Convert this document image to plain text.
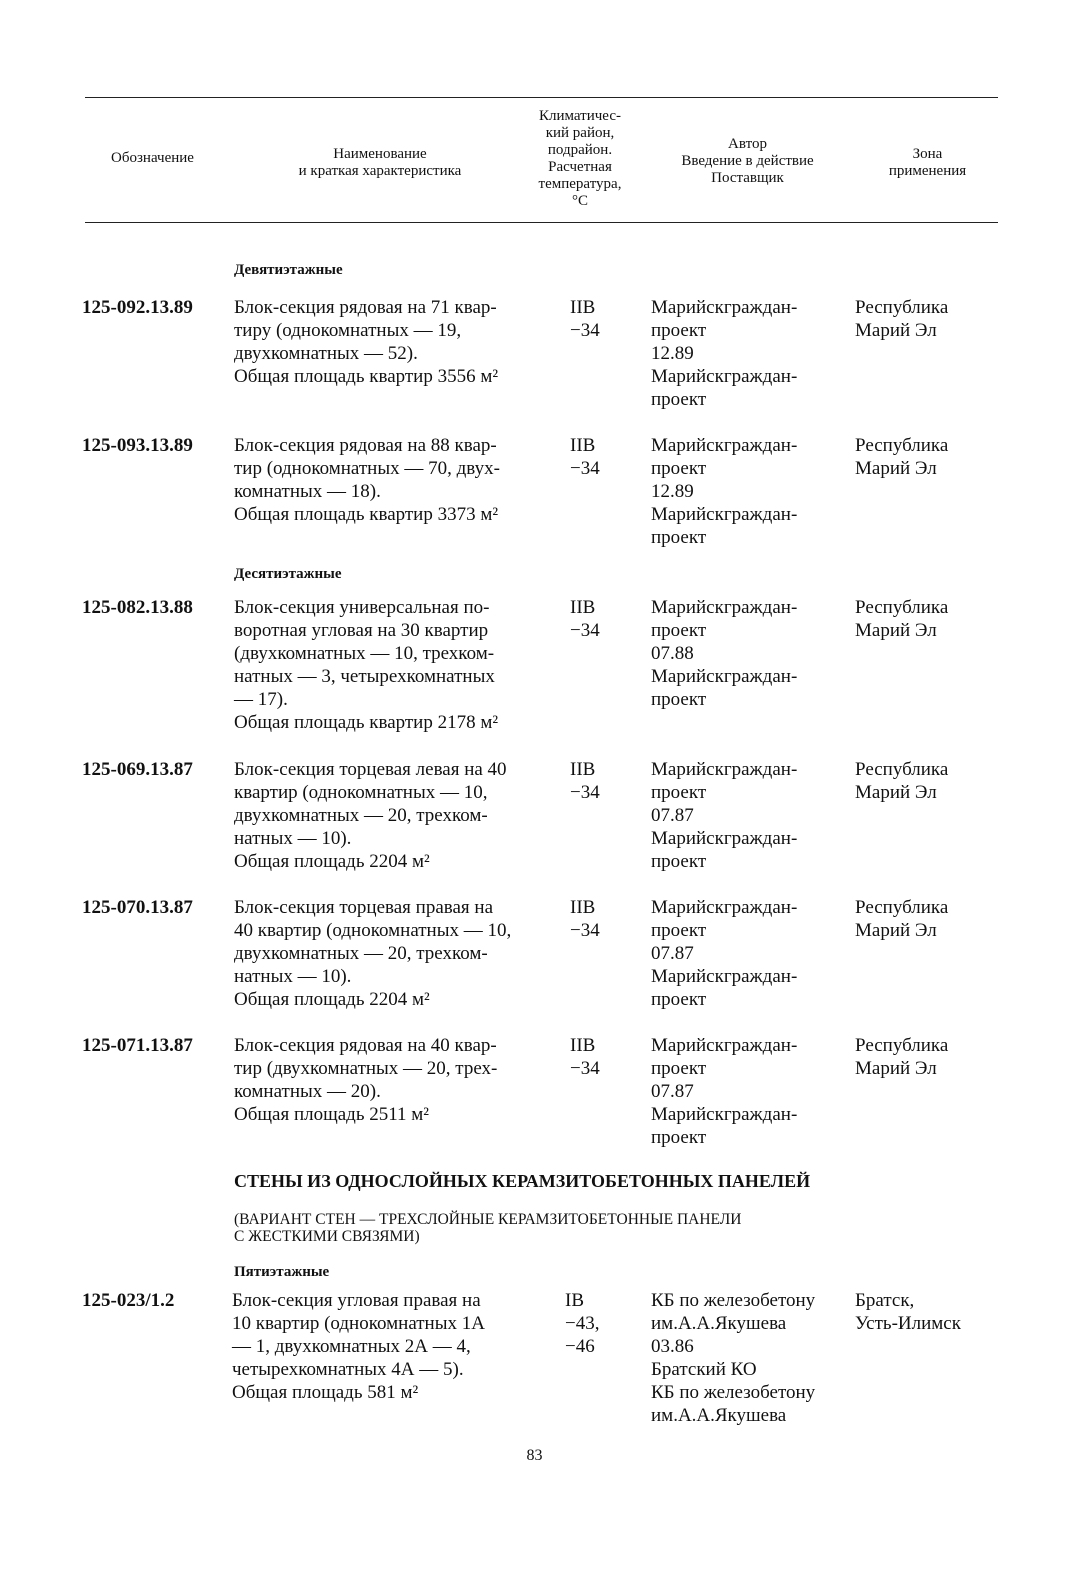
Обозначение	Наименование
и краткая характеристика
Климатичес-
кий район,
подрайон.
Расчетная
температура,
°С
Автор
Введение в действие
Поставщик
Зона
применения
Девятиэтажные
125-092.13.89 Блок-секция рядовая на 71 квар-
тиру (однокомнатных — 19,
двухкомнатных — 52).
Общая площадь квартир 3556 м²
IIВ
−34
Марийскграждан-
проект
12.89
Марийскграждан-
проект
Республика
Марий Эл
125-093.13.89 Блок-секция рядовая на 88 квар-
тир (однокомнатных — 70, двух-
комнатных — 18).
Общая площадь квартир 3373 м²
IIВ
−34
Марийскграждан-
проект
12.89
Марийскграждан-
проект
Республика
Марий Эл
Десятиэтажные
125-082.13.88 Блок-секция универсальная по-
воротная угловая на 30 квартир
(двухкомнатных — 10, трехком-
натных — 3, четырехкомнатных
— 17).
Общая площадь квартир 2178 м²
IIВ
−34
Марийскграждан-
проект
07.88
Марийскграждан-
проект
Республика
Марий Эл
125-069.13.87 Блок-секция торцевая левая на 40
квартир (однокомнатных — 10,
двухкомнатных — 20, трехком-
натных — 10).
Общая площадь 2204 м²
IIВ
−34
Марийскграждан-
проект
07.87
Марийскграждан-
проект
Республика
Марий Эл
125-070.13.87 Блок-секция торцевая правая на
40 квартир (однокомнатных — 10,
двухкомнатных — 20, трехком-
натных — 10).
Общая площадь 2204 м²
IIВ
−34
Марийскграждан-
проект
07.87
Марийскграждан-
проект
Республика
Марий Эл
125-071.13.87 Блок-секция рядовая на 40 квар-
тир (двухкомнатных — 20, трех-
комнатных — 20).
Общая площадь 2511 м²
IIВ
−34
Марийскграждан-
проект
07.87
Марийскграждан-
проект
Республика
Марий Эл
СТЕНЫ ИЗ ОДНОСЛОЙНЫХ КЕРАМЗИТОБЕТОННЫХ ПАНЕЛЕЙ
(ВАРИАНТ СТЕН — ТРЕХСЛОЙНЫЕ КЕРАМЗИТОБЕТОННЫЕ ПАНЕЛИ
С ЖЕСТКИМИ СВЯЗЯМИ)
Пятиэтажные
125-023/1.2	Блок-секция угловая правая на
10 квартир (однокомнатных 1А
— 1, двухкомнатных 2А — 4,
четырехкомнатных 4А — 5).
Общая площадь 581 м²
IВ
−43,
−46
КБ по железобетону
им.А.А.Якушева
03.86
Братский КО
КБ по железобетону
им.А.А.Якушева
Братск,
Усть-Илимск
83
